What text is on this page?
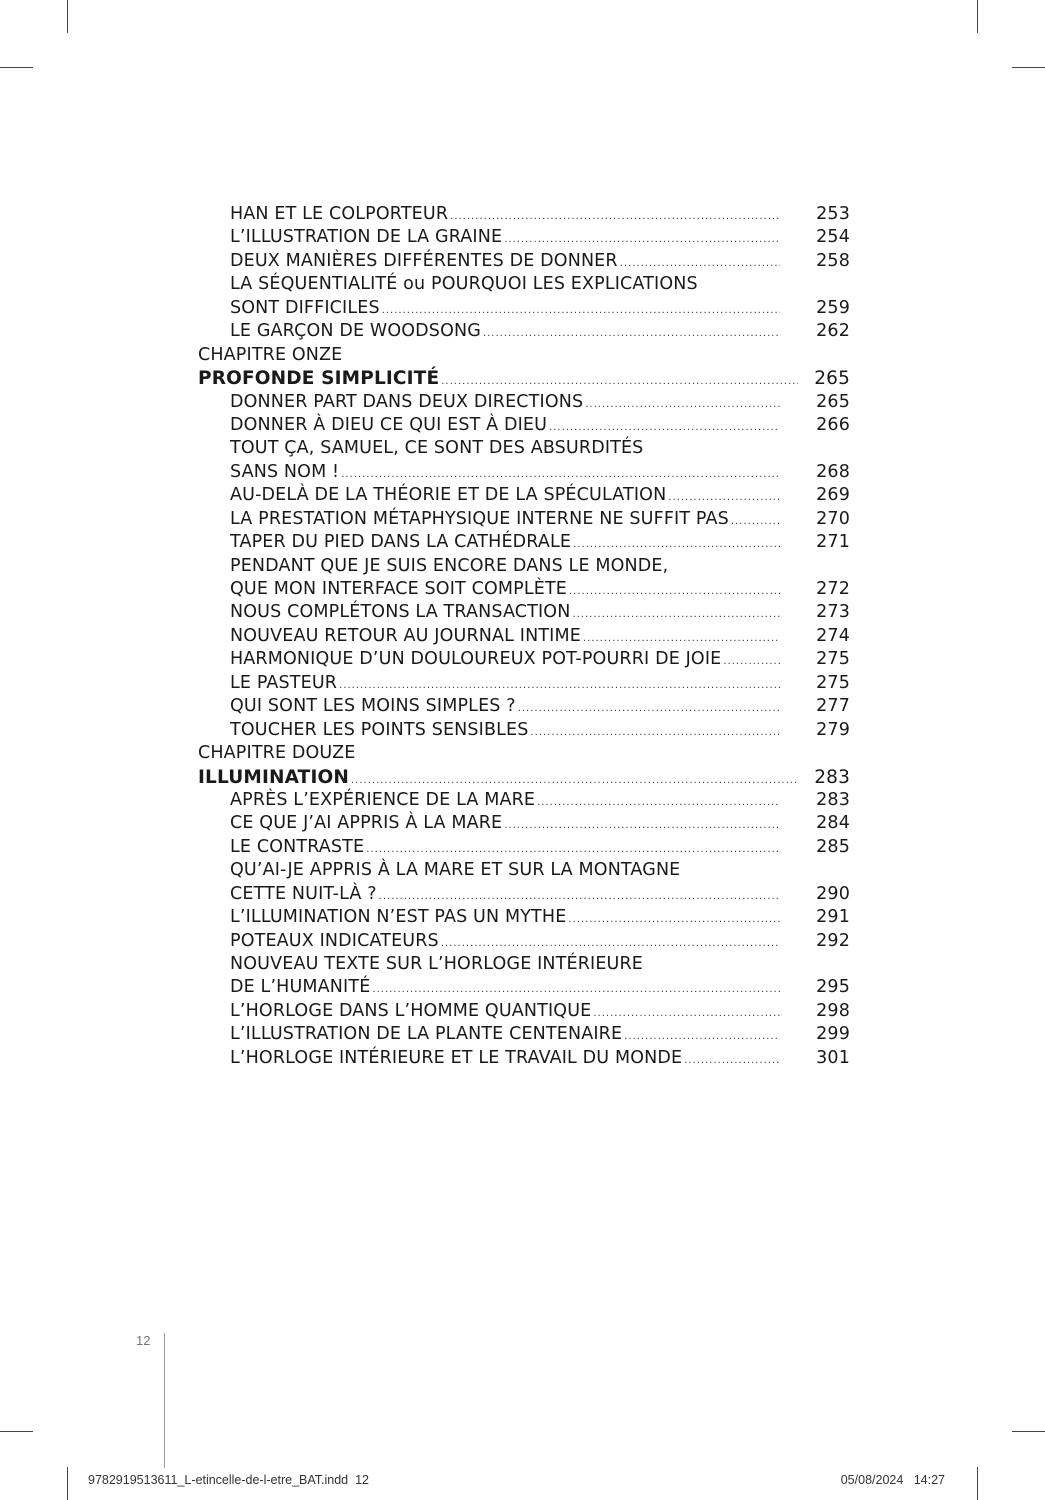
HAN ET LE COLPORTEUR .....	253
L’ILLUSTRATION DE LA GRAINE .....	254
DEUX MANIÈRES DIFFÉRENTES DE DONNER .....	258
LA SÉQUENTIALITÉ ou POURQUOI LES EXPLICATIONS
SONT DIFFICILES .....	259
LE GARÇON DE WOODSONG .....	262
CHAPITRE ONZE
PROFONDE SIMPLICITÉ .....	265
DONNER PART DANS DEUX DIRECTIONS .....	265
DONNER À DIEU CE QUI EST À DIEU .....	266
TOUT ÇA, SAMUEL, CE SONT DES ABSURDITÉS
SANS NOM ! .....	268
AU-DELÀ DE LA THÉORIE ET DE LA SPÉCULATION .....	269
LA PRESTATION MÉTAPHYSIQUE INTERNE NE SUFFIT PAS .....	270
TAPER DU PIED DANS LA CATHÉDRALE .....	271
PENDANT QUE JE SUIS ENCORE DANS LE MONDE,
QUE MON INTERFACE SOIT COMPLÈTE .....	272
NOUS COMPLÉTONS LA TRANSACTION .....	273
NOUVEAU RETOUR AU JOURNAL INTIME .....	274
HARMONIQUE D’UN DOULOUREUX POT-POURRI DE JOIE .....	275
LE PASTEUR .....	275
QUI SONT LES MOINS SIMPLES ? .....	277
TOUCHER LES POINTS SENSIBLES .....	279
CHAPITRE DOUZE
ILLUMINATION .....	283
APRÈS L’EXPÉRIENCE DE LA MARE .....	283
CE QUE J’AI APPRIS À LA MARE .....	284
LE CONTRASTE .....	285
QU’AI-JE APPRIS À LA MARE ET SUR LA MONTAGNE
CETTE NUIT-LÀ ? .....	290
L’ILLUMINATION N’EST PAS UN MYTHE .....	291
POTEAUX INDICATEURS .....	292
NOUVEAU TEXTE SUR L’HORLOGE INTÉRIEURE
DE L’HUMANITÉ .....	295
L’HORLOGE DANS L’HOMME QUANTIQUE .....	298
L’ILLUSTRATION DE LA PLANTE CENTENAIRE .....	299
L’HORLOGE INTÉRIEURE ET LE TRAVAIL DU MONDE .....	301
12
9782919513611_L-etincelle-de-l-etre_BAT.indd 12	05/08/2024 14:27
